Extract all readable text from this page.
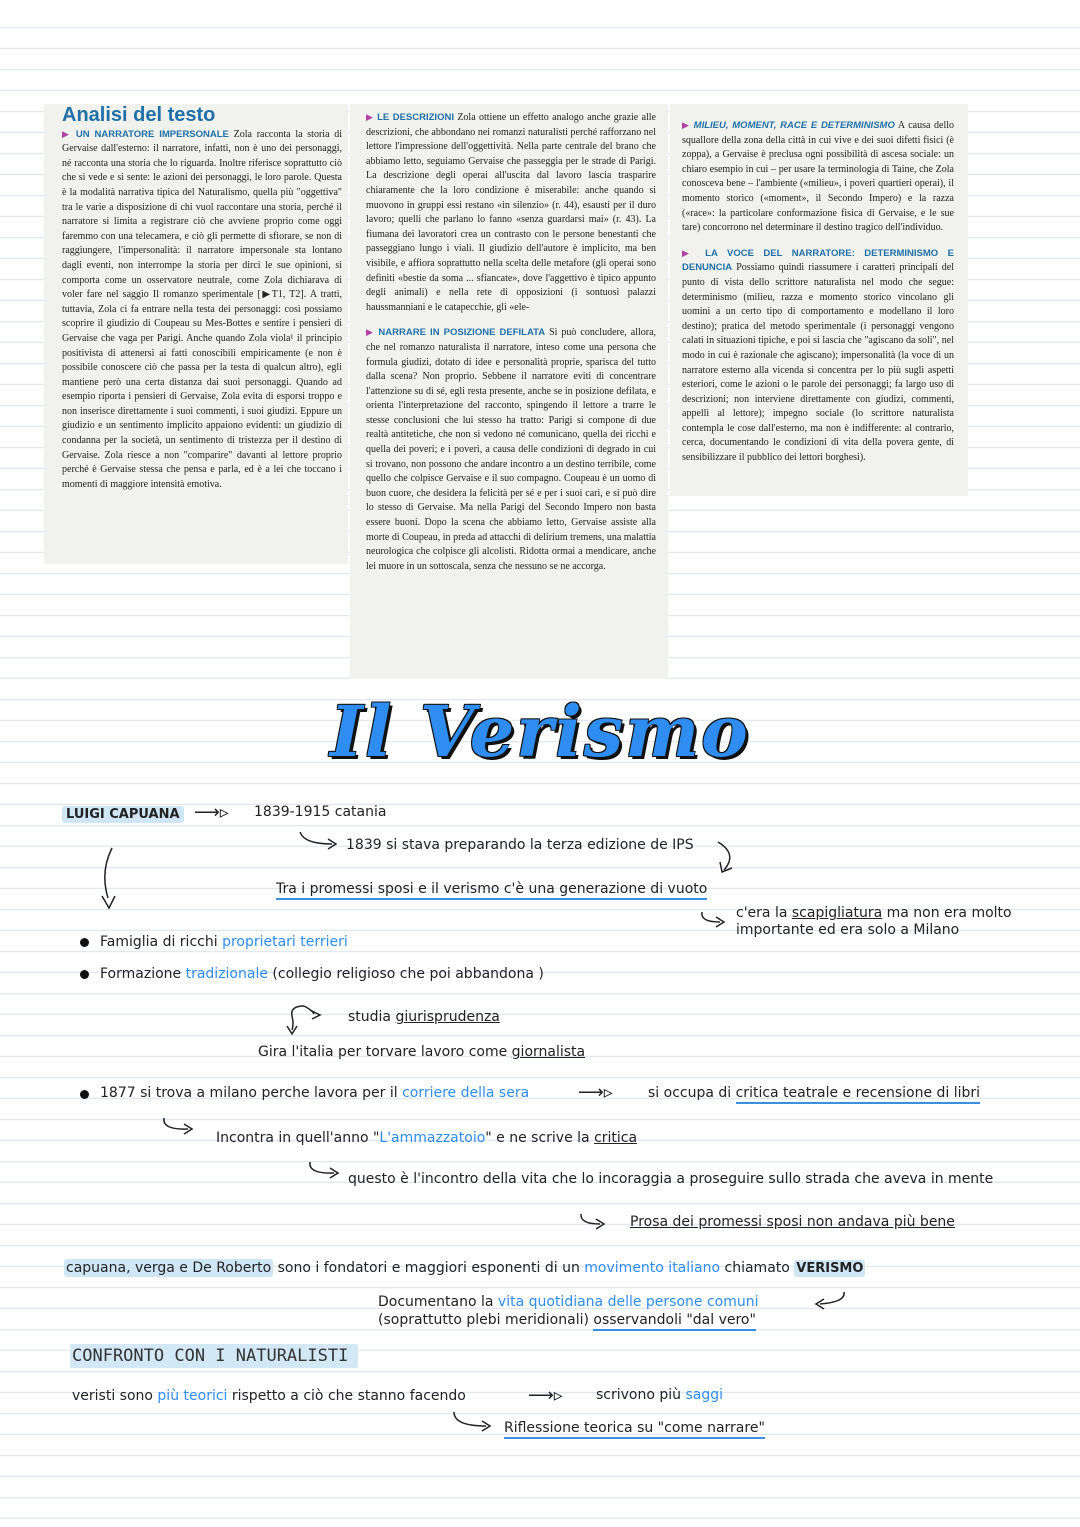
Analisi del testo

▶ UN NARRATORE IMPERSONALE Zola racconta la storia di Gervaise dall'esterno: il narratore, infatti, non è uno dei personaggi, né racconta una storia che lo riguarda. Inoltre riferisce soprattutto ciò che si vede e si sente: le azioni dei personaggi, le loro parole. Questa è la modalità narrativa tipica del Naturalismo, quella più "oggettiva" tra le varie a disposizione di chi vuol raccontare una storia, perché il narratore si limita a registrare ciò che avviene proprio come oggi faremmo con una telecamera, e ciò gli permette di sfiorare, se non di raggiungere, l'impersonalità: il narratore impersonale sta lontano dagli eventi, non interrompe la storia per dirci le sue opinioni, si comporta come un osservatore neutrale, come Zola dichiarava di voler fare nel saggio Il romanzo sperimentale [▶T1, T2]. A tratti, tuttavia, Zola ci fa entrare nella testa dei personaggi: così possiamo scoprire il giudizio di Coupeau su Mes-Bottes e sentire i pensieri di Gervaise che vaga per Parigi. Anche quando Zola viola¹ il principio positivista di attenersi ai fatti conoscibili empiricamente (e non è possibile conoscere ciò che passa per la testa di qualcun altro), egli mantiene però una certa distanza dai suoi personaggi. Quando ad esempio riporta i pensieri di Gervaise, Zola evita di esporsi troppo e non inserisce direttamente i suoi commenti, i suoi giudizi. Eppure un giudizio e un sentimento implicito appaiono evidenti: un giudizio di condanna per la società, un sentimento di tristezza per il destino di Gervaise. Zola riesce a non "comparire" davanti al lettore proprio perché è Gervaise stessa che pensa e parla, ed è a lei che toccano i momenti di maggiore intensità emotiva.

▶ LE DESCRIZIONI Zola ottiene un effetto analogo anche grazie alle descrizioni, che abbondano nei romanzi naturalisti perché rafforzano nel lettore l'impressione dell'oggettività. Nella parte centrale del brano che abbiamo letto, seguiamo Gervaise che passeggia per le strade di Parigi. La descrizione degli operai all'uscita dal lavoro lascia trasparire chiaramente che la loro condizione è miserabile: anche quando si muovono in gruppi essi restano «in silenzio» (r. 44), esausti per il duro lavoro; quelli che parlano lo fanno «senza guardarsi mai» (r. 43). La fiumana dei lavoratori crea un contrasto con le persone benestanti che passeggiano lungo i viali. Il giudizio dell'autore è implicito, ma ben visibile, e affiora soprattutto nella scelta delle metafore (gli operai sono definiti «bestie da soma ... sfiancate», dove l'aggettivo è tipico appunto degli animali) e nella rete di opposizioni (i sontuosi palazzi haussmanniani e le catapecchie, gli «ele-

▶ NARRARE IN POSIZIONE DEFILATA Si può concludere, allora, che nel romanzo naturalista il narratore, inteso come una persona che formula giudizi, dotato di idee e personalità proprie, sparisca del tutto dalla scena? Non proprio. Sebbene il narratore eviti di concentrare l'attenzione su di sé, egli resta presente, anche se in posizione defilata, e orienta l'interpretazione del racconto, spingendo il lettore a trarre le stesse conclusioni che lui stesso ha tratto: Parigi si compone di due realtà antitetiche, che non si vedono né comunicano, quella dei ricchi e quella dei poveri; e i poveri, a causa delle condizioni di degrado in cui si trovano, non possono che andare incontro a un destino terribile, come quello che colpisce Gervaise e il suo compagno. Coupeau è un uomo di buon cuore, che desidera la felicità per sé e per i suoi cari, e si può dire lo stesso di Gervaise. Ma nella Parigi del Secondo Impero non basta essere buoni. Dopo la scena che abbiamo letto, Gervaise assiste alla morte di Coupeau, in preda ad attacchi di delirium tremens, una malattia neurologica che colpisce gli alcolisti. Ridotta ormai a mendicare, anche lei muore in un sottoscala, senza che nessuno se ne accorga.

▶ MILIEU, MOMENT, RACE E DETERMINISMO A causa dello squallore della zona della città in cui vive e dei suoi difetti fisici (è zoppa), a Gervaise è preclusa ogni possibilità di ascesa sociale: un chiaro esempio in cui – per usare la terminologia di Taine, che Zola conosceva bene – l'ambiente («milieu», i poveri quartieri operai), il momento storico («moment», il Secondo Impero) e la razza («race»: la particolare conformazione fisica di Gervaise, e le sue tare) concorrono nel determinare il destino tragico dell'individuo.

▶ LA VOCE DEL NARRATORE: DETERMINISMO E DENUNCIA Possiamo quindi riassumere i caratteri principali del punto di vista dello scrittore naturalista nel modo che segue: determinismo (milieu, razza e momento storico vincolano gli uomini a un certo tipo di comportamento e modellano il loro destino); pratica del metodo sperimentale (i personaggi vengono calati in situazioni tipiche, e poi si lascia che "agiscano da soli", nel modo in cui è razionale che agiscano); impersonalità (la voce di un narratore esterno alla vicenda si concentra per lo più sugli aspetti esteriori, come le azioni o le parole dei personaggi; fa largo uso di descrizioni; non interviene direttamente con giudizi, commenti, appelli al lettore); impegno sociale (lo scrittore naturalista contempla le cose dall'esterno, ma non è indifferente: al contrario, cerca, documentando le condizioni di vita della povera gente, di sensibilizzare il pubblico dei lettori borghesi).

Il Verismo
LUIGI CAPUANA ⟶▹ 1839-1915 catania
1839 si stava preparando la terza edizione de IPS
Tra i promessi sposi e il verismo c'è una generazione di vuoto
c'era la scapigliatura ma non era molto
importante ed era solo a Milano
Famiglia di ricchi proprietari terrieri
Formazione tradizionale (collegio religioso che poi abbandona )
studia giurisprudenza
Gira l'italia per torvare lavoro come giornalista
1877 si trova a milano perche lavora per il corriere della sera	⟶▹	si occupa di critica teatrale e recensione di libri
Incontra in quell'anno "L'ammazzatoio" e ne scrive la critica
questo è l'incontro della vita che lo incoraggia a proseguire sullo strada che aveva in mente
Prosa dei promessi sposi non andava più bene
capuana, verga e De Roberto sono i fondatori e maggiori esponenti di un movimento italiano chiamato VERISMO
Documentano la vita quotidiana delle persone comuni
(soprattutto plebi meridionali) osservandoli "dal vero"
CONFRONTO CON I NATURALISTI
veristi sono più teorici rispetto a ciò che stanno facendo	⟶▹ scrivono più saggi
Riflessione teorica su "come narrare"
